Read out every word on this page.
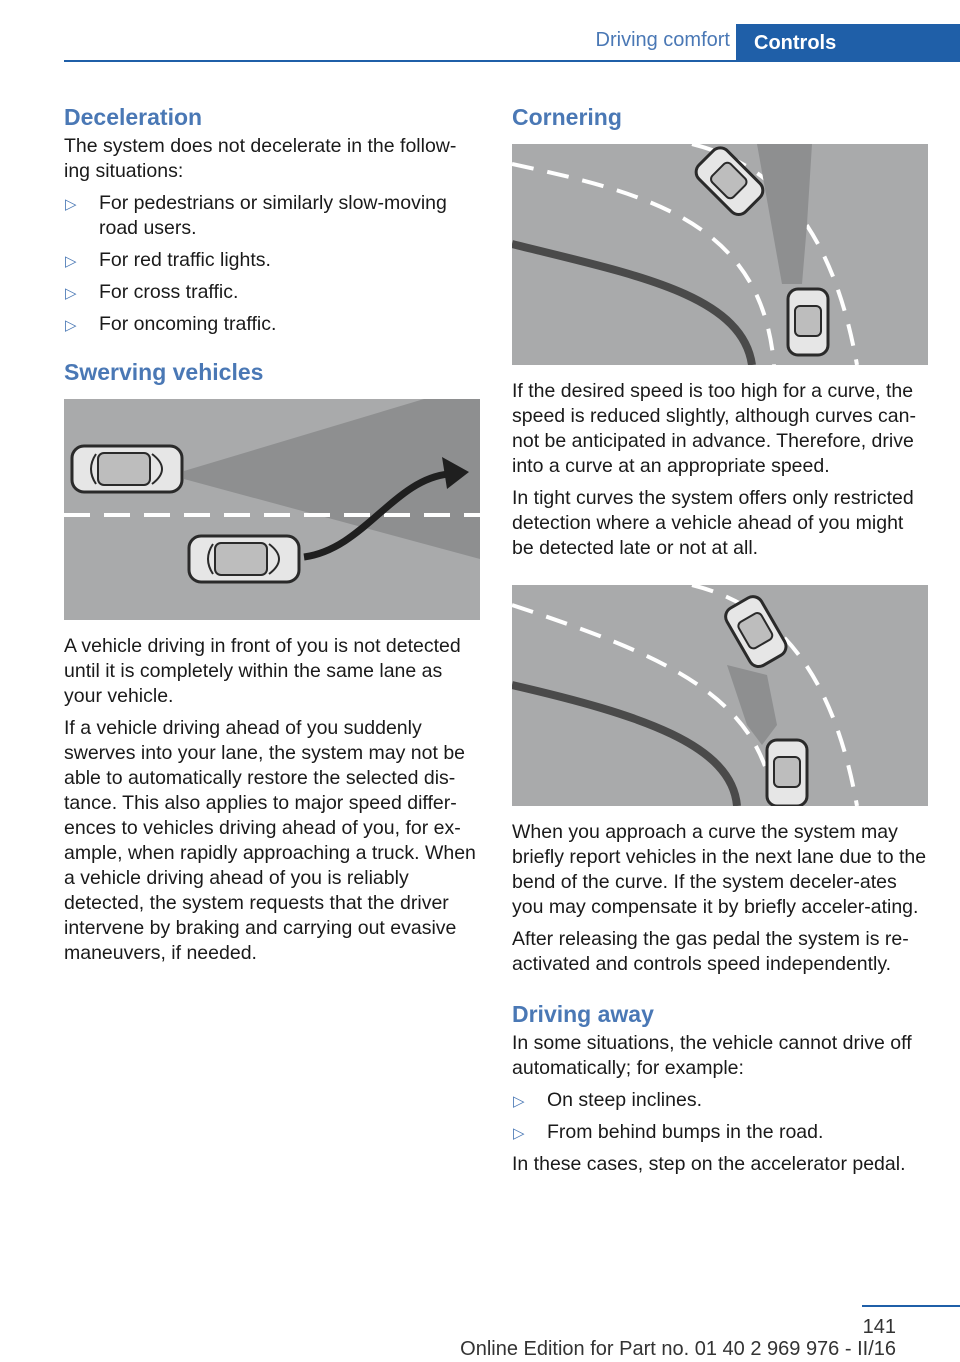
Driving comfort	Controls
Deceleration

The system does not decelerate in the follow-ing situations:

▷ For pedestrians or similarly slow-moving road users.
▷ For red traffic lights.
▷ For cross traffic.
▷ For oncoming traffic.
Swerving vehicles

A vehicle driving in front of you is not detected until it is completely within the same lane as your vehicle.

If a vehicle driving ahead of you suddenly swerves into your lane, the system may not be able to automatically restore the selected dis-tance. This also applies to major speed differ-ences to vehicles driving ahead of you, for ex-ample, when rapidly approaching a truck. When a vehicle driving ahead of you is reliably detected, the system requests that the driver intervene by braking and carrying out evasive maneuvers, if needed.

Cornering

If the desired speed is too high for a curve, the speed is reduced slightly, although curves can-not be anticipated in advance. Therefore, drive into a curve at an appropriate speed.

In tight curves the system offers only restricted detection where a vehicle ahead of you might be detected late or not at all.

When you approach a curve the system may briefly report vehicles in the next lane due to the bend of the curve. If the system deceler-ates you may compensate it by briefly acceler-ating.

After releasing the gas pedal the system is re-activated and controls speed independently.

Driving away

In some situations, the vehicle cannot drive off automatically; for example:

▷ On steep inclines.
▷ From behind bumps in the road.

In these cases, step on the accelerator pedal.

141
Online Edition for Part no. 01 40 2 969 976 - II/16
